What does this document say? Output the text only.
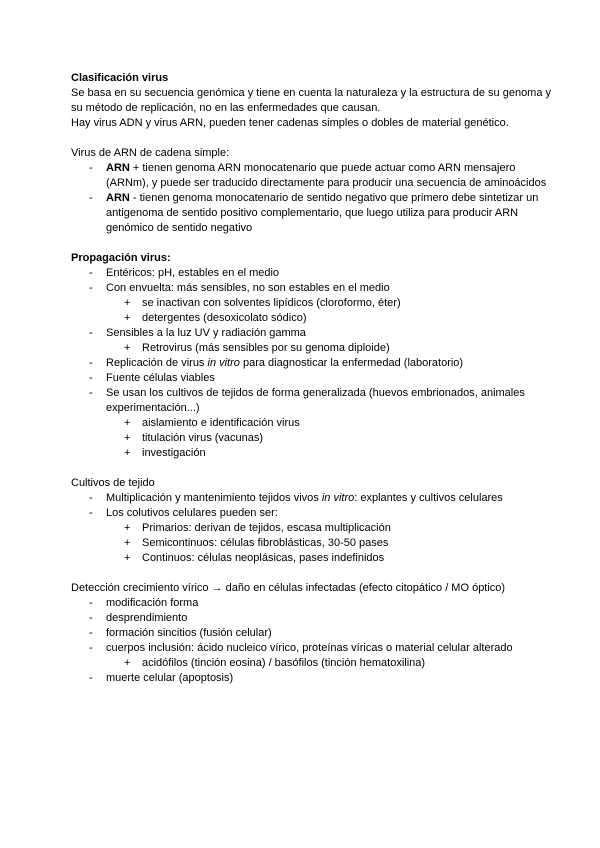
Clasificación virus
Se basa en su secuencia genómica y tiene en cuenta la naturaleza y la estructura de su genoma y su método de replicación, no en las enfermedades que causan.
Hay virus ADN y virus ARN, pueden tener cadenas simples o dobles de material genético.
Virus de ARN de cadena simple:
-	ARN + tienen genoma ARN monocatenario que puede actuar como ARN mensajero (ARNm), y puede ser traducido directamente para producir una secuencia de aminoácidos
-	ARN - tienen genoma monocatenario de sentido negativo que primero debe sintetizar un antigenoma de sentido positivo complementario, que luego utiliza para producir ARN genómico de sentido negativo
Propagación virus:
-	Entéricos: pH, estables en el medio
-	Con envuelta: más sensibles, no son estables en el medio
+	se inactivan con solventes lipídicos (cloroformo, éter)
+	detergentes (desoxicolato sódico)
-	Sensibles a la luz UV y radiación gamma
+	Retrovirus (más sensibles por su genoma diploide)
-	Replicación de virus in vitro para diagnosticar la enfermedad (laboratorio)
-	Fuente células viables
-	Se usan los cultivos de tejidos de forma generalizada (huevos embrionados, animales experimentación...)
+	aislamiento e identificación virus
+	titulación virus (vacunas)
+	investigación
Cultivos de tejido
-	Multiplicación y mantenimiento tejidos vivos in vitro: explantes y cultivos celulares
-	Los colutivos celulares pueden ser:
+	Primarios: derivan de tejidos, escasa multiplicación
+	Semicontinuos: células fibroblásticas, 30-50 pases
+	Continuos: células neoplásicas, pases indefinidos
Detección crecimiento vírico → daño en células infectadas (efecto citopático / MO óptico)
-	modificación forma
-	desprendimiento
-	formación sincitios (fusión celular)
-	cuerpos inclusión: ácido nucleico vírico, proteínas víricas o material celular alterado
+	acidófilos (tinción eosina) / basófilos (tinción hematoxilina)
-	muerte celular (apoptosis)
